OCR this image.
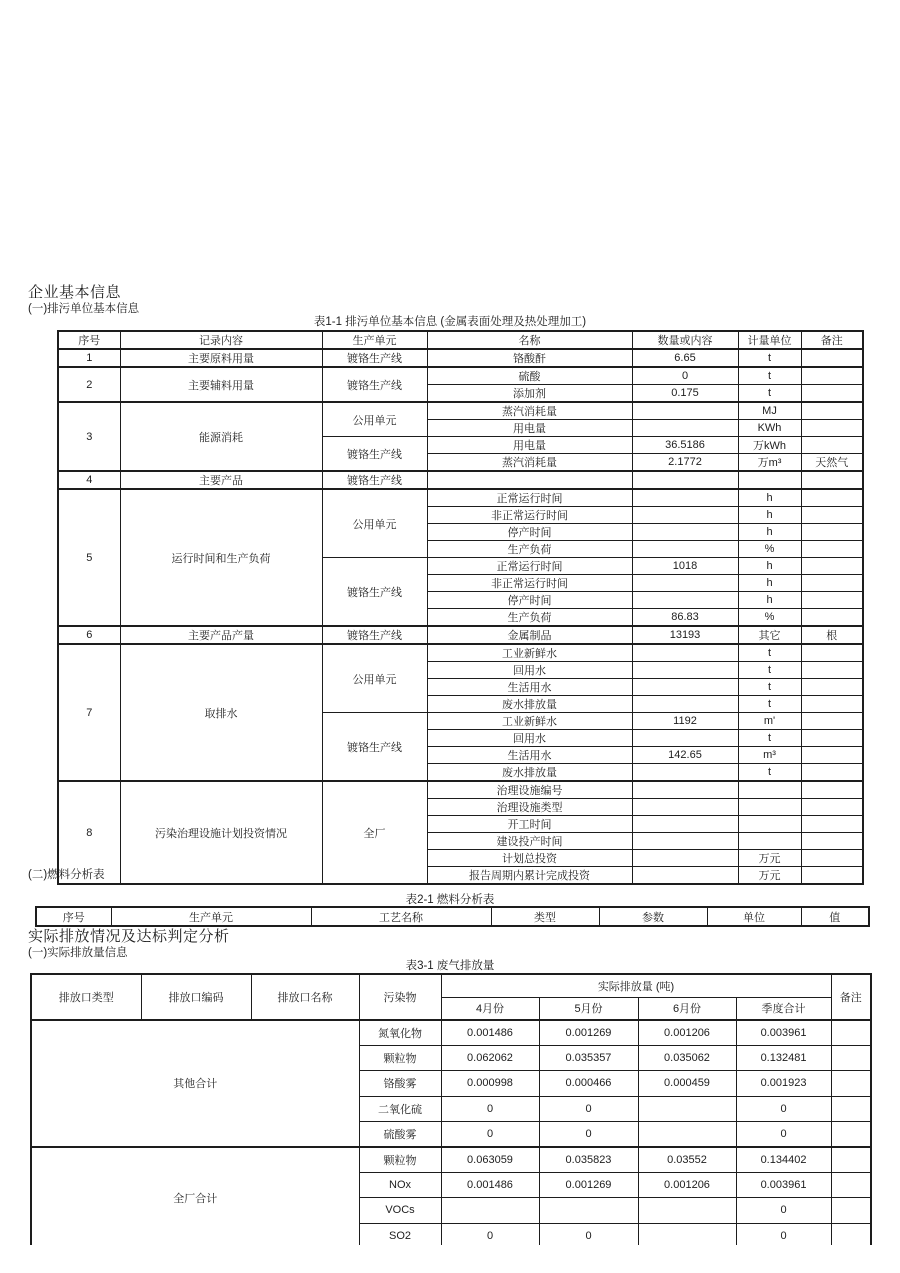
企业基本信息
(一)排污单位基本信息
表1-1 排污单位基本信息 (金属表面处理及热处理加工)
序号	记录内容	生产单元	名称	数量或内容	计量单位	备注
1	主要原料用量	镀铬生产线	铬酸酐	6.65	t	
2	主要辅料用量	镀铬生产线	硫酸	0	t	
			添加剂	0.175	t	
3	能源消耗	公用单元	蒸汽消耗量		MJ	
			用电量		KWh	
		镀铬生产线	用电量	36.5186	万kWh	
			蒸汽消耗量	2.1772	万m³	天然气
4	主要产品	镀铬生产线				
5	运行时间和生产负荷	公用单元	正常运行时间		h	
			非正常运行时间		h	
			停产时间		h	
			生产负荷		%	
		镀铬生产线	正常运行时间	1018	h	
			非正常运行时间		h	
			停产时间		h	
			生产负荷	86.83	%	
6	主要产品产量	镀铬生产线	金属制品	13193	其它	根
7	取排水	公用单元	工业新鲜水		t	
			回用水		t	
			生活用水		t	
			废水排放量		t	
		镀铬生产线	工业新鲜水	1192	m'	
			回用水		t	
			生活用水	142.65	m³	
			废水排放量		t	
8	污染治理设施计划投资情况	全厂	治理设施编号			
			治理设施类型			
			开工时间			
			建设投产时间			
			计划总投资		万元	
			报告周期内累计完成投资		万元	
(二)燃料分析表
表2-1 燃料分析表
序号	生产单元	工艺名称	类型	参数	单位	值
实际排放情况及达标判定分析
(一)实际排放量信息
表3-1 废气排放量
排放口类型	排放口编码	排放口名称	污染物	实际排放量 (吨)				备注
				4月份	5月份	6月份	季度合计	
其他合计			氮氧化物	0.001486	0.001269	0.001206	0.003961	
			颗粒物	0.062062	0.035357	0.035062	0.132481	
			铬酸雾	0.000998	0.000466	0.000459	0.001923	
			二氧化硫	0	0		0	
			硫酸雾	0	0		0	
全厂合计			颗粒物	0.063059	0.035823	0.03552	0.134402	
			NOx	0.001486	0.001269	0.001206	0.003961	
			VOCs				0	
			SO2	0	0		0	
